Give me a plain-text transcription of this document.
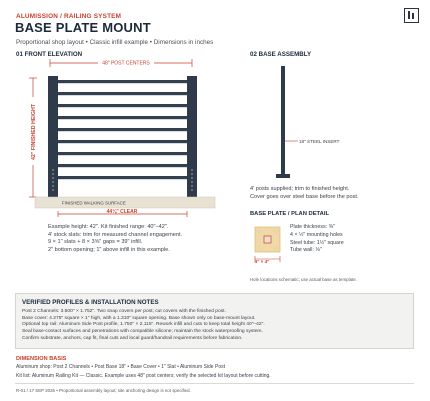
ALUMISSION / RAILING SYSTEM
BASE PLATE MOUNT
Proportional shop layout • Classic infill example • Dimensions in inches
01 FRONT ELEVATION	02 BASE ASSEMBLY
48" POST CENTERS
42" FINISHED HEIGHT
FINISHED WALKING SURFACE
44⅛" CLEAR
18" STEEL INSERT
4" × 4"
Example height: 42". Kit finished range: 40"–42".
4' stock slats: trim for measured channel engagement.
9 × 1" slats + 8 × 3⅝" gaps = 39" infill.
2" bottom opening; 1" above infill in this example.
4' posts supplied; trim to finished height.
Cover goes over steel base before the post.
BASE PLATE / PLAN DETAIL
Plate thickness: ⅜"
4 × ½" mounting holes
Steel tube: 1½" square
Tube wall: ⅛"
Hole locations schematic; use actual base as template.
VERIFIED PROFILES & INSTALLATION NOTES
Post 2 Channels: 3.500" × 1.752". Two snap covers per post; cut covers with the finished post.
Base cover: 4.275" square × 1" high, with a 1.310" square opening. Base shown only on base-mount layout.
Optional top rail: Aluminum Side Post profile, 1.750" × 2.115". Rework infill and cuts to keep total height 40"–42".
Seal base-contact surfaces and penetrations with compatible silicone; maintain the stock waterproofing system.
Confirm substrate, anchors, cap fit, final cuts and local guard/handrail requirements before fabrication.
DIMENSION BASIS
Aluminum shop: Post 2 Channels • Post Base 18" • Base Cover • 1" Slat • Aluminum Side Post
Kit list: Aluminum Railing Kit — Classic. Example uses 48" post centers; verify the selected kit layout before cutting.
R-01 / 17 SEP 2026 • Proportional assembly layout; site anchoring design is not specified.
